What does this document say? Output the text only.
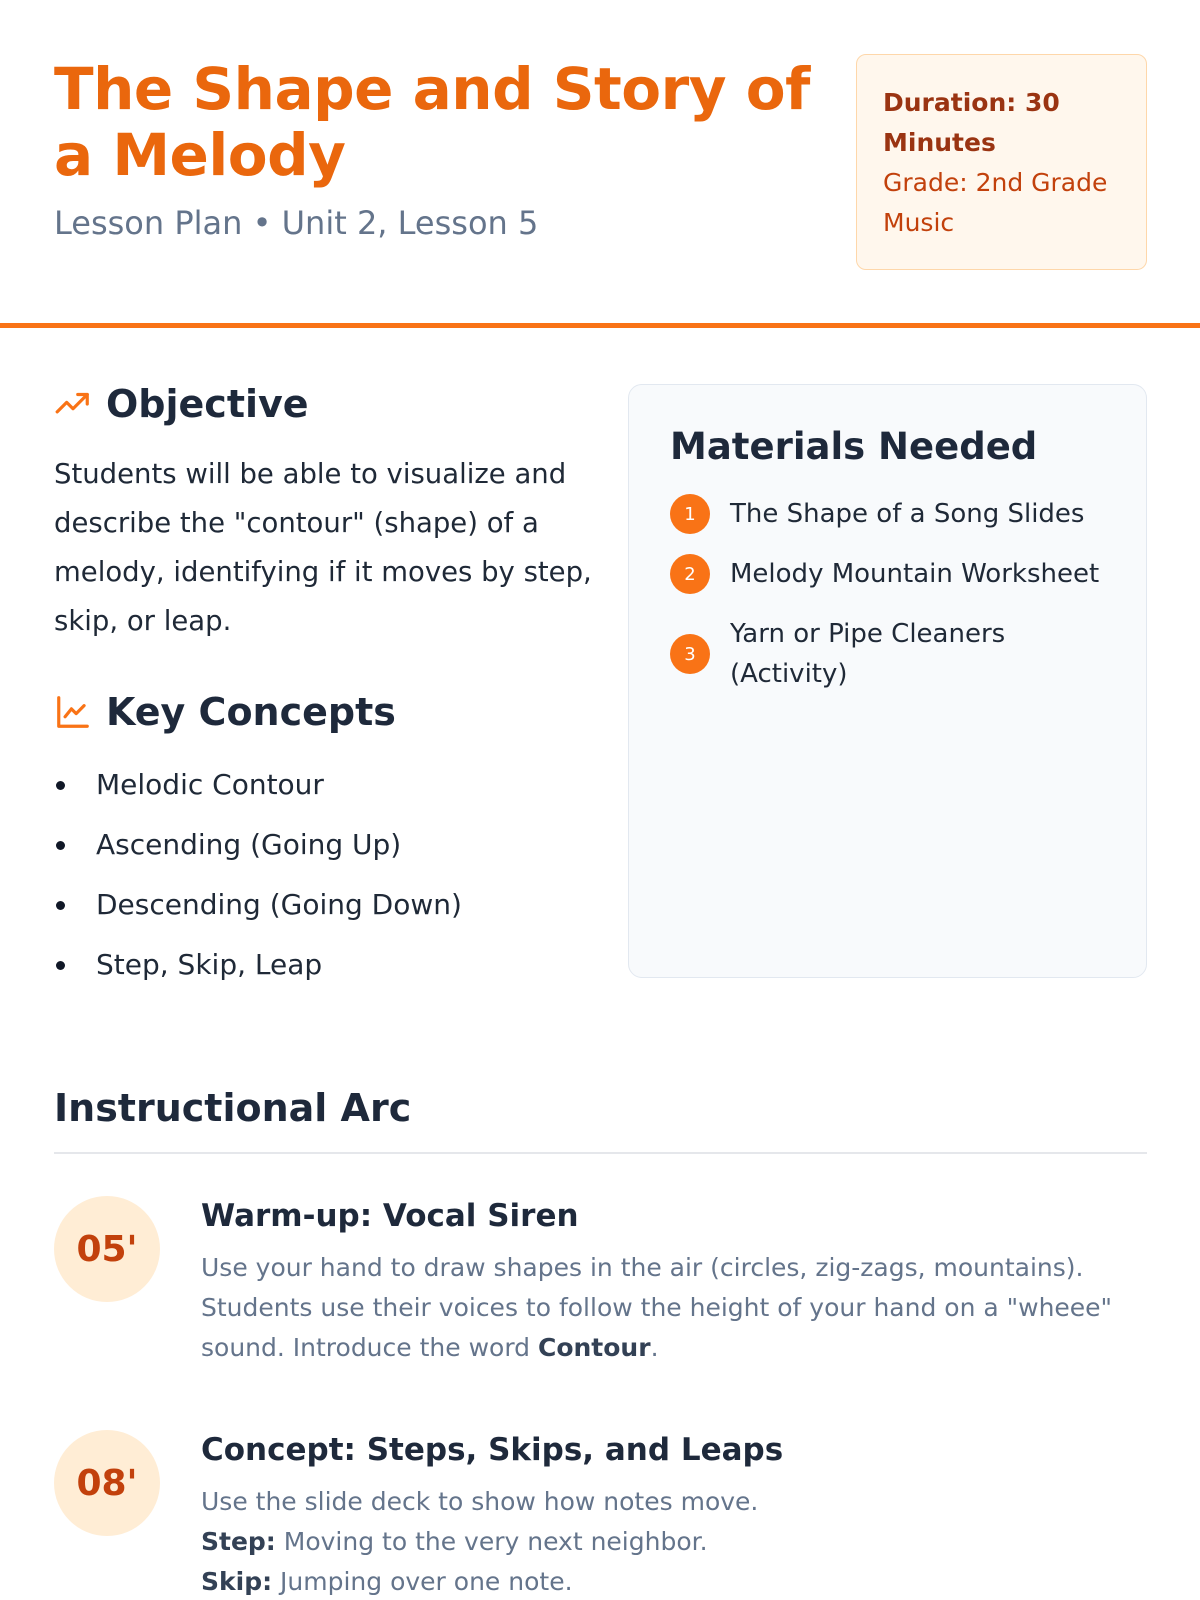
The Shape and Story of a Melody
Lesson Plan • Unit 2, Lesson 5
Duration: 30 Minutes
Grade: 2nd Grade Music
Objective

Students will be able to visualize and describe the "contour" (shape) of a melody, identifying if it moves by step, skip, or leap.

Key Concepts
Melodic Contour
Ascending (Going Up)
Descending (Going Down)
Step, Skip, Leap
Materials Needed
1	The Shape of a Song Slides
2	Melody Mountain Worksheet
3
Yarn or Pipe Cleaners (Activity)
Instructional Arc
05'
Warm-up: Vocal Siren

Use your hand to draw shapes in the air (circles, zig-zags, mountains). Students use their voices to follow the height of your hand on a "wheee" sound. Introduce the word Contour.

08'
Concept: Steps, Skips, and Leaps

Use the slide deck to show how notes move.
Step: Moving to the very next neighbor.
Skip: Jumping over one note.
